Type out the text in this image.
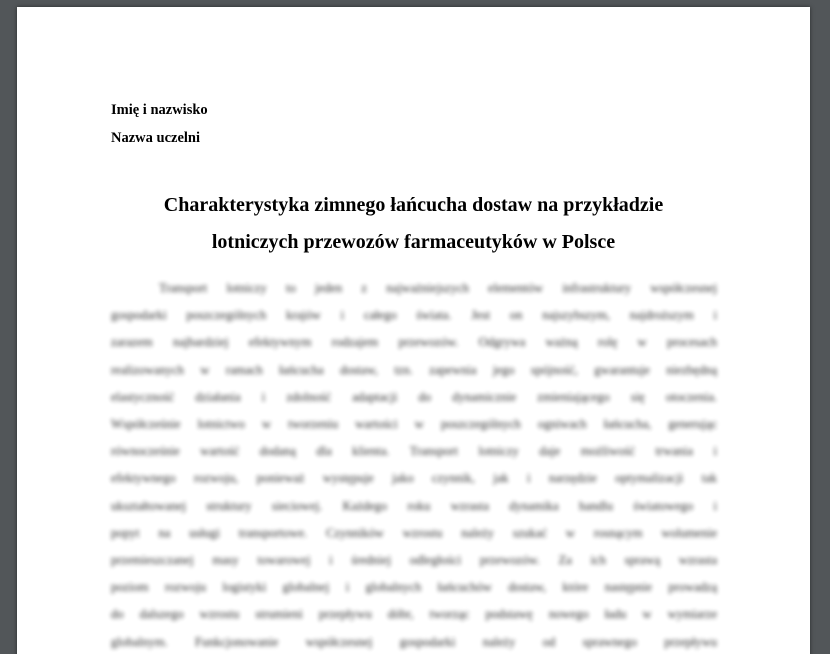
Imię i nazwisko
Nazwa uczelni
Charakterystyka zimnego łańcucha dostaw na przykładzie
lotniczych przewozów farmaceutyków w Polsce
Transport lotniczy to jeden z najważniejszych elementów infrastruktury współczesnej
gospodarki poszczególnych krajów i całego świata. Jest on najszybszym, najdroższym i
zarazem najbardziej efektywnym rodzajem przewozów. Odgrywa ważną rolę w procesach
realizowanych w ramach łańcucha dostaw, tzn. zapewnia jego spójność, gwarantuje niezbędną
elastyczność działania i zdolność adaptacji do dynamicznie zmieniającego się otoczenia.
Współcześnie lotnictwo w tworzeniu wartości w poszczególnych ogniwach łańcucha, generując
równocześnie wartość dodaną dla klienta. Transport lotniczy daje możliwość trwania i
efektywnego rozwoju, ponieważ występuje jako czynnik, jak i narzędzie optymalizacji tak
ukształtowanej struktury sieciowej. Każdego roku wzrasta dynamika handlu światowego i
popyt na usługi transportowe. Czynników wzrostu należy szukać w rosnącym wolumenie
przemieszczanej masy towarowej i średniej odległości przewozów. Za ich sprawą wzrasta
poziom rozwoju logistyki globalnej i globalnych łańcuchów dostaw, które następnie prowadzą
do dalszego wzrostu strumieni przepływu dóbr, tworząc podstawę nowego ładu w wymiarze
globalnym. Funkcjonowanie współczesnej gospodarki należy od sprawnego przepływu
